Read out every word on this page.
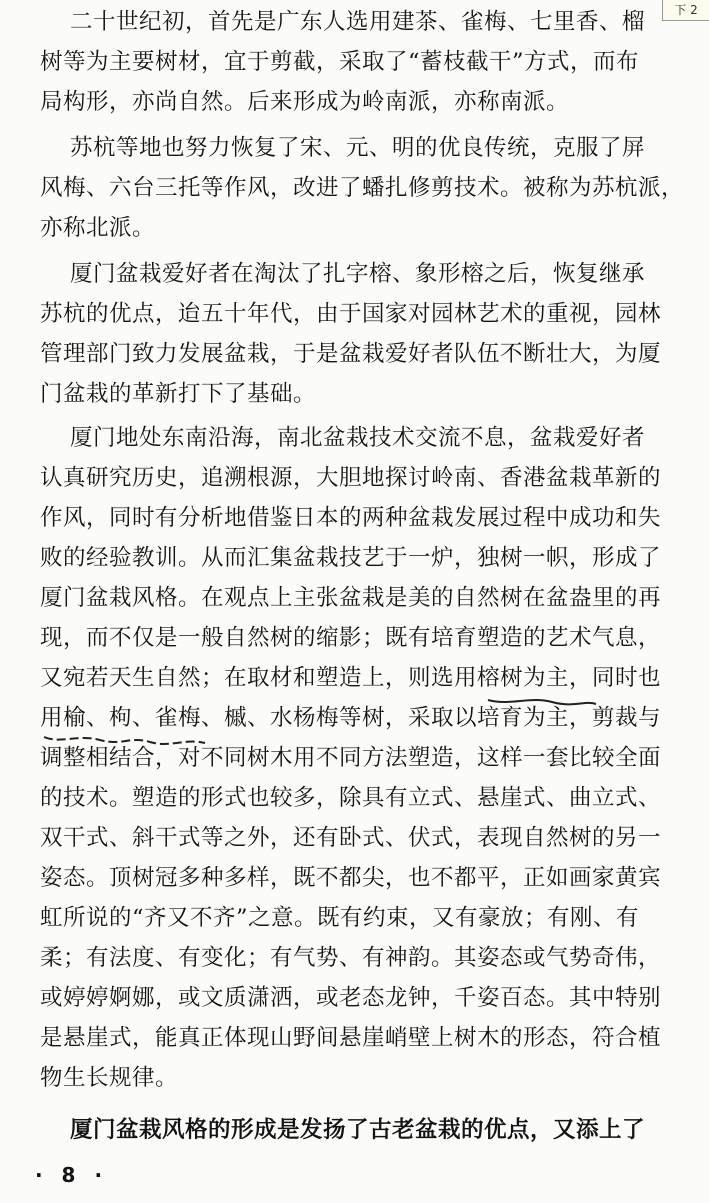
下 2
二十世纪初，首先是广东人选用建茶、雀梅、七里香、榴
树等为主要树材，宜于剪截，采取了“蓄枝截干”方式，而布
局构形，亦尚自然。后来形成为岭南派，亦称南派。
苏杭等地也努力恢复了宋、元、明的优良传统，克服了屏
风梅、六台三托等作风，改进了蟠扎修剪技术。被称为苏杭派，
亦称北派。
厦门盆栽爱好者在淘汰了扎字榕、象形榕之后，恢复继承
苏杭的优点，迨五十年代，由于国家对园林艺术的重视，园林
管理部门致力发展盆栽，于是盆栽爱好者队伍不断壮大，为厦
门盆栽的革新打下了基础。
厦门地处东南沿海，南北盆栽技术交流不息，盆栽爱好者
认真研究历史，追溯根源，大胆地探讨岭南、香港盆栽革新的
作风，同时有分析地借鉴日本的两种盆栽发展过程中成功和失
败的经验教训。从而汇集盆栽技艺于一炉，独树一帜，形成了
厦门盆栽风格。在观点上主张盆栽是美的自然树在盆盎里的再
现，而不仅是一般自然树的缩影；既有培育塑造的艺术气息，
又宛若天生自然；在取材和塑造上，则选用榕树为主，同时也
用榆、枸、雀梅、槭、水杨梅等树，采取以培育为主，剪裁与
调整相结合，对不同树木用不同方法塑造，这样一套比较全面
的技术。塑造的形式也较多，除具有立式、悬崖式、曲立式、
双干式、斜干式等之外，还有卧式、伏式，表现自然树的另一
姿态。顶树冠多种多样，既不都尖，也不都平，正如画家黄宾
虹所说的“齐又不齐”之意。既有约束，又有豪放；有刚、有
柔；有法度、有变化；有气势、有神韵。其姿态或气势奇伟，
或婷婷婀娜，或文质潇洒，或老态龙钟，千姿百态。其中特别
是悬崖式，能真正体现山野间悬崖峭壁上树木的形态，符合植
物生长规律。
厦门盆栽风格的形成是发扬了古老盆栽的优点，又添上了
· 8 ·
